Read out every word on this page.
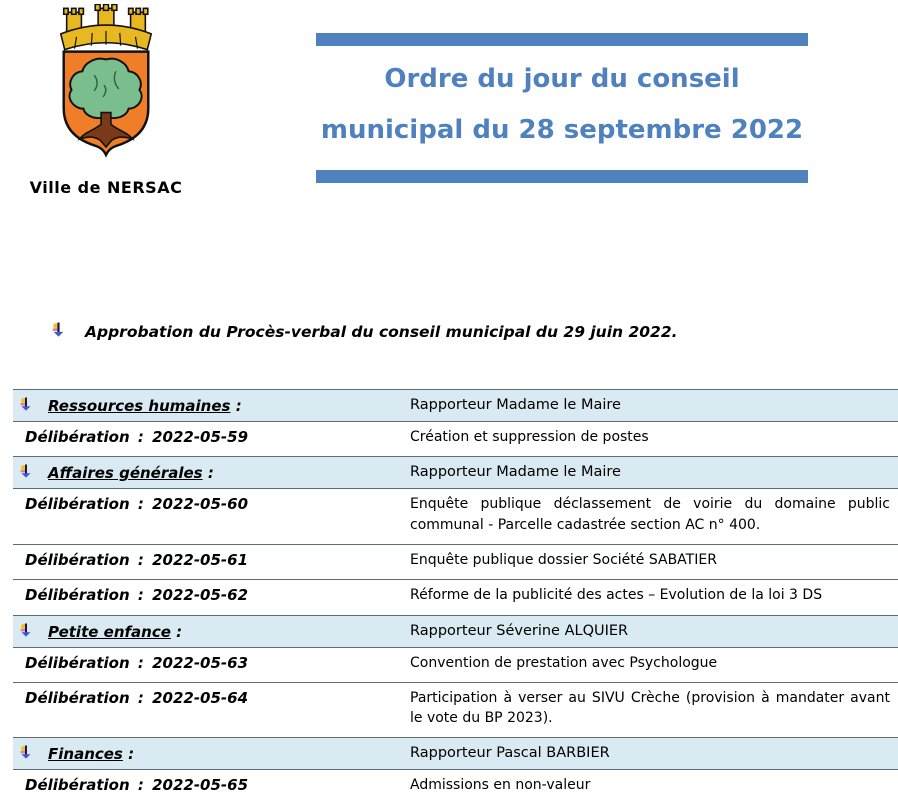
Ville de NERSAC
Ordre du jour du conseil
municipal du 28 septembre 2022
Approbation du Procès-verbal du conseil municipal du 29 juin 2022.
Ressources humaines :	Rapporteur Madame le Maire
Délibération : 2022-05-59	Création et suppression de postes
Affaires générales :	Rapporteur Madame le Maire
Délibération : 2022-05-60	Enquête publique déclassement de voirie du domaine public communal - Parcelle cadastrée section AC n° 400.
Délibération : 2022-05-61	Enquête publique dossier Société SABATIER
Délibération : 2022-05-62	Réforme de la publicité des actes – Evolution de la loi 3 DS
Petite enfance :	Rapporteur Séverine ALQUIER
Délibération : 2022-05-63	Convention de prestation avec Psychologue
Délibération : 2022-05-64	Participation à verser au SIVU Crèche (provision à mandater avant le vote du BP 2023).
Finances :	Rapporteur Pascal BARBIER
Délibération : 2022-05-65	Admissions en non-valeur
